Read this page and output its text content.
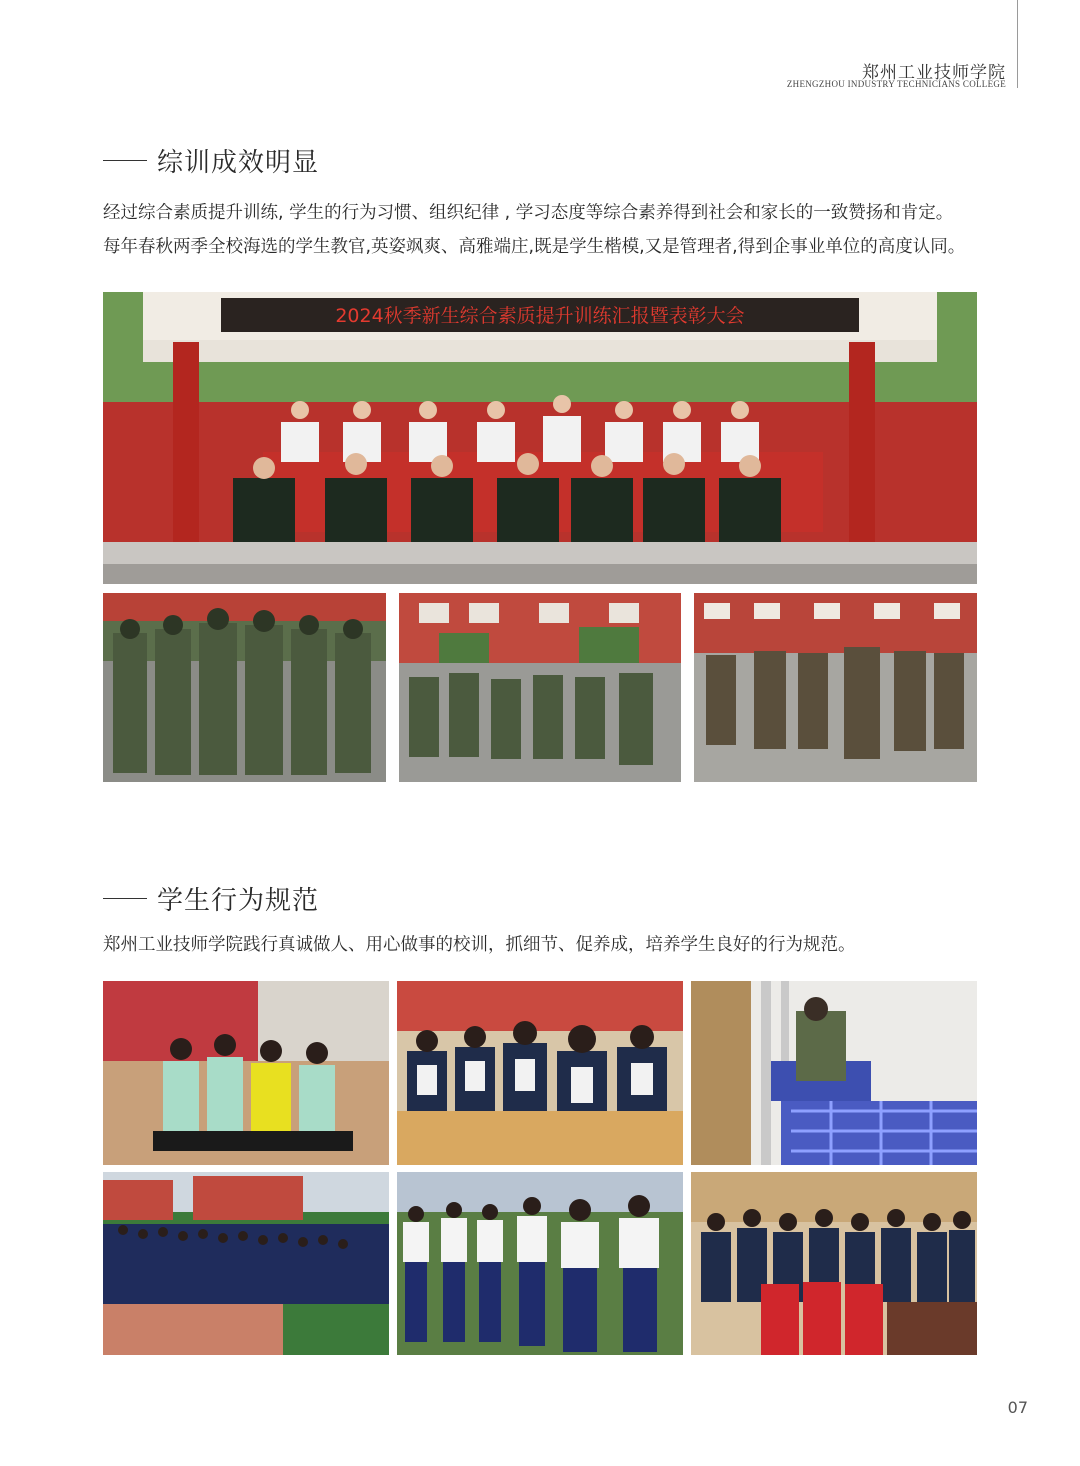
郑州工业技师学院
ZHENGZHOU INDUSTRY TECHNICIANS COLLEGE
综训成效明显
经过综合素质提升训练, 学生的行为习惯、组织纪律 , 学习态度等综合素养得到社会和家长的一致赞扬和肯定。
每年春秋两季全校海选的学生教官,英姿飒爽、高雅端庄,既是学生楷模,又是管理者,得到企事业单位的高度认同。
2024秋季新生综合素质提升训练汇报暨表彰大会
学生行为规范
郑州工业技师学院践行真诚做人、用心做事的校训，抓细节、促养成，培养学生良好的行为规范。
07
